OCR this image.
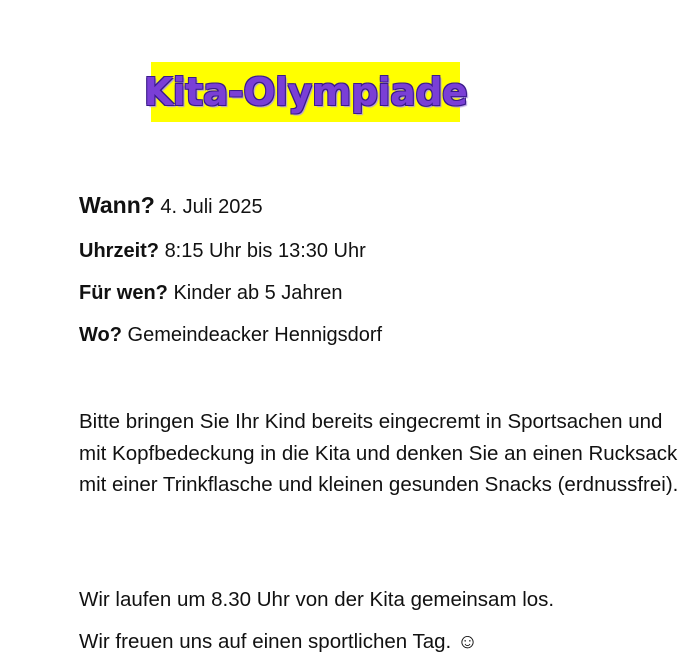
Kita-Olympiade
Wann? 4. Juli 2025
Uhrzeit? 8:15 Uhr bis 13:30 Uhr
Für wen? Kinder ab 5 Jahren
Wo? Gemeindeacker Hennigsdorf
Bitte bringen Sie Ihr Kind bereits eingecremt in Sportsachen und mit Kopfbedeckung in die Kita und denken Sie an einen Rucksack mit einer Trinkflasche und kleinen gesunden Snacks (erdnussfrei).
Wir laufen um 8.30 Uhr von der Kita gemeinsam los.
Wir freuen uns auf einen sportlichen Tag. ☺
